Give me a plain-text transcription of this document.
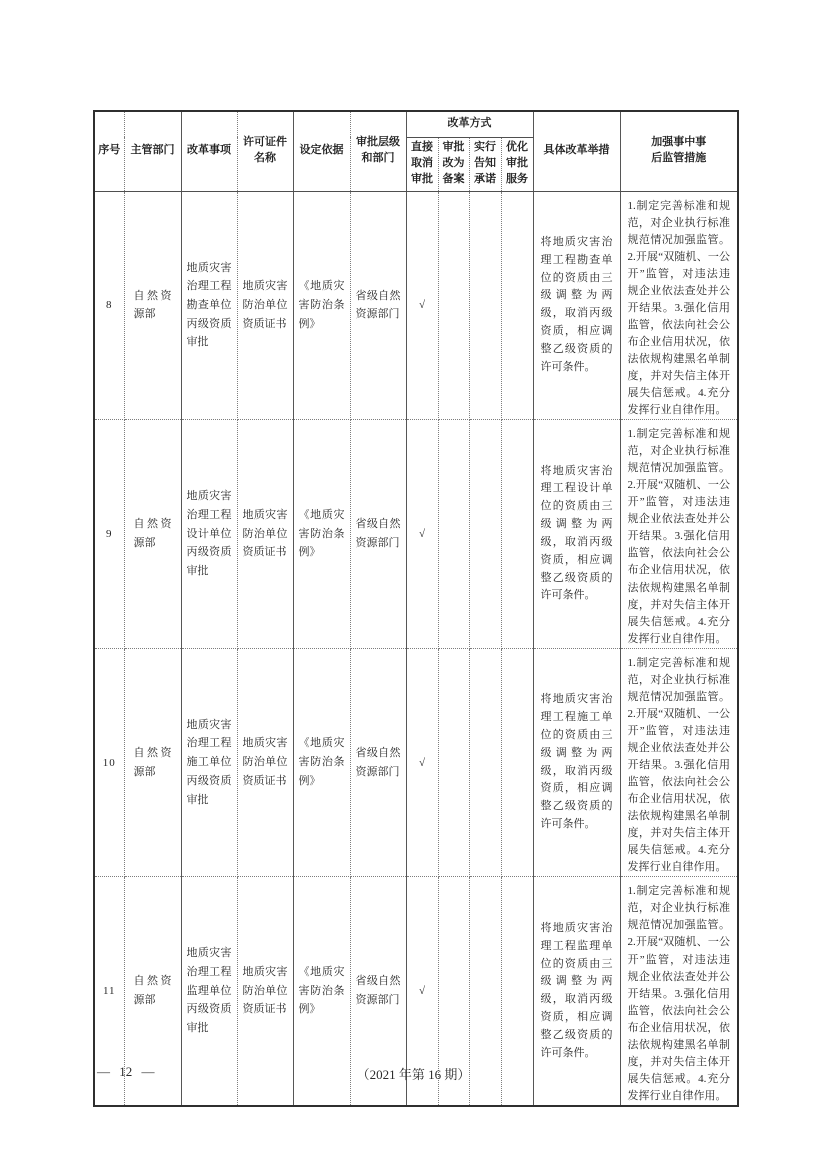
序号	主管部门	改革事项	许可证件名称	设定依据	审批层级和部门	改革方式				具体改革举措	加强事中事后监管措施
						直接取消审批	审批改为备案	实行告知承诺	优化审批服务		
8	自然资源部	地质灾害治理工程勘查单位丙级资质审批	地质灾害防治单位资质证书	《地质灾害防治条例》	省级自然资源部门	√				将地质灾害治理工程勘查单位的资质由三级调整为两级，取消丙级资质，相应调整乙级资质的许可条件。	1.制定完善标准和规范，对企业执行标准规范情况加强监管。2.开展“双随机、一公开”监管，对违法违规企业依法查处并公开结果。3.强化信用监管，依法向社会公布企业信用状况，依法依规构建黑名单制度，并对失信主体开展失信惩戒。4.充分发挥行业自律作用。
9	自然资源部	地质灾害治理工程设计单位丙级资质审批	地质灾害防治单位资质证书	《地质灾害防治条例》	省级自然资源部门	√				将地质灾害治理工程设计单位的资质由三级调整为两级，取消丙级资质，相应调整乙级资质的许可条件。	1.制定完善标准和规范，对企业执行标准规范情况加强监管。2.开展“双随机、一公开”监管，对违法违规企业依法查处并公开结果。3.强化信用监管，依法向社会公布企业信用状况，依法依规构建黑名单制度，并对失信主体开展失信惩戒。4.充分发挥行业自律作用。
10	自然资源部	地质灾害治理工程施工单位丙级资质审批	地质灾害防治单位资质证书	《地质灾害防治条例》	省级自然资源部门	√				将地质灾害治理工程施工单位的资质由三级调整为两级，取消丙级资质，相应调整乙级资质的许可条件。	1.制定完善标准和规范，对企业执行标准规范情况加强监管。2.开展“双随机、一公开”监管，对违法违规企业依法查处并公开结果。3.强化信用监管，依法向社会公布企业信用状况，依法依规构建黑名单制度，并对失信主体开展失信惩戒。4.充分发挥行业自律作用。
11	自然资源部	地质灾害治理工程监理单位丙级资质审批	地质灾害防治单位资质证书	《地质灾害防治条例》	省级自然资源部门	√				将地质灾害治理工程监理单位的资质由三级调整为两级，取消丙级资质，相应调整乙级资质的许可条件。	1.制定完善标准和规范，对企业执行标准规范情况加强监管。2.开展“双随机、一公开”监管，对违法违规企业依法查处并公开结果。3.强化信用监管，依法向社会公布企业信用状况，依法依规构建黑名单制度，并对失信主体开展失信惩戒。4.充分发挥行业自律作用。
— 12 —	（2021 年第 16 期）
